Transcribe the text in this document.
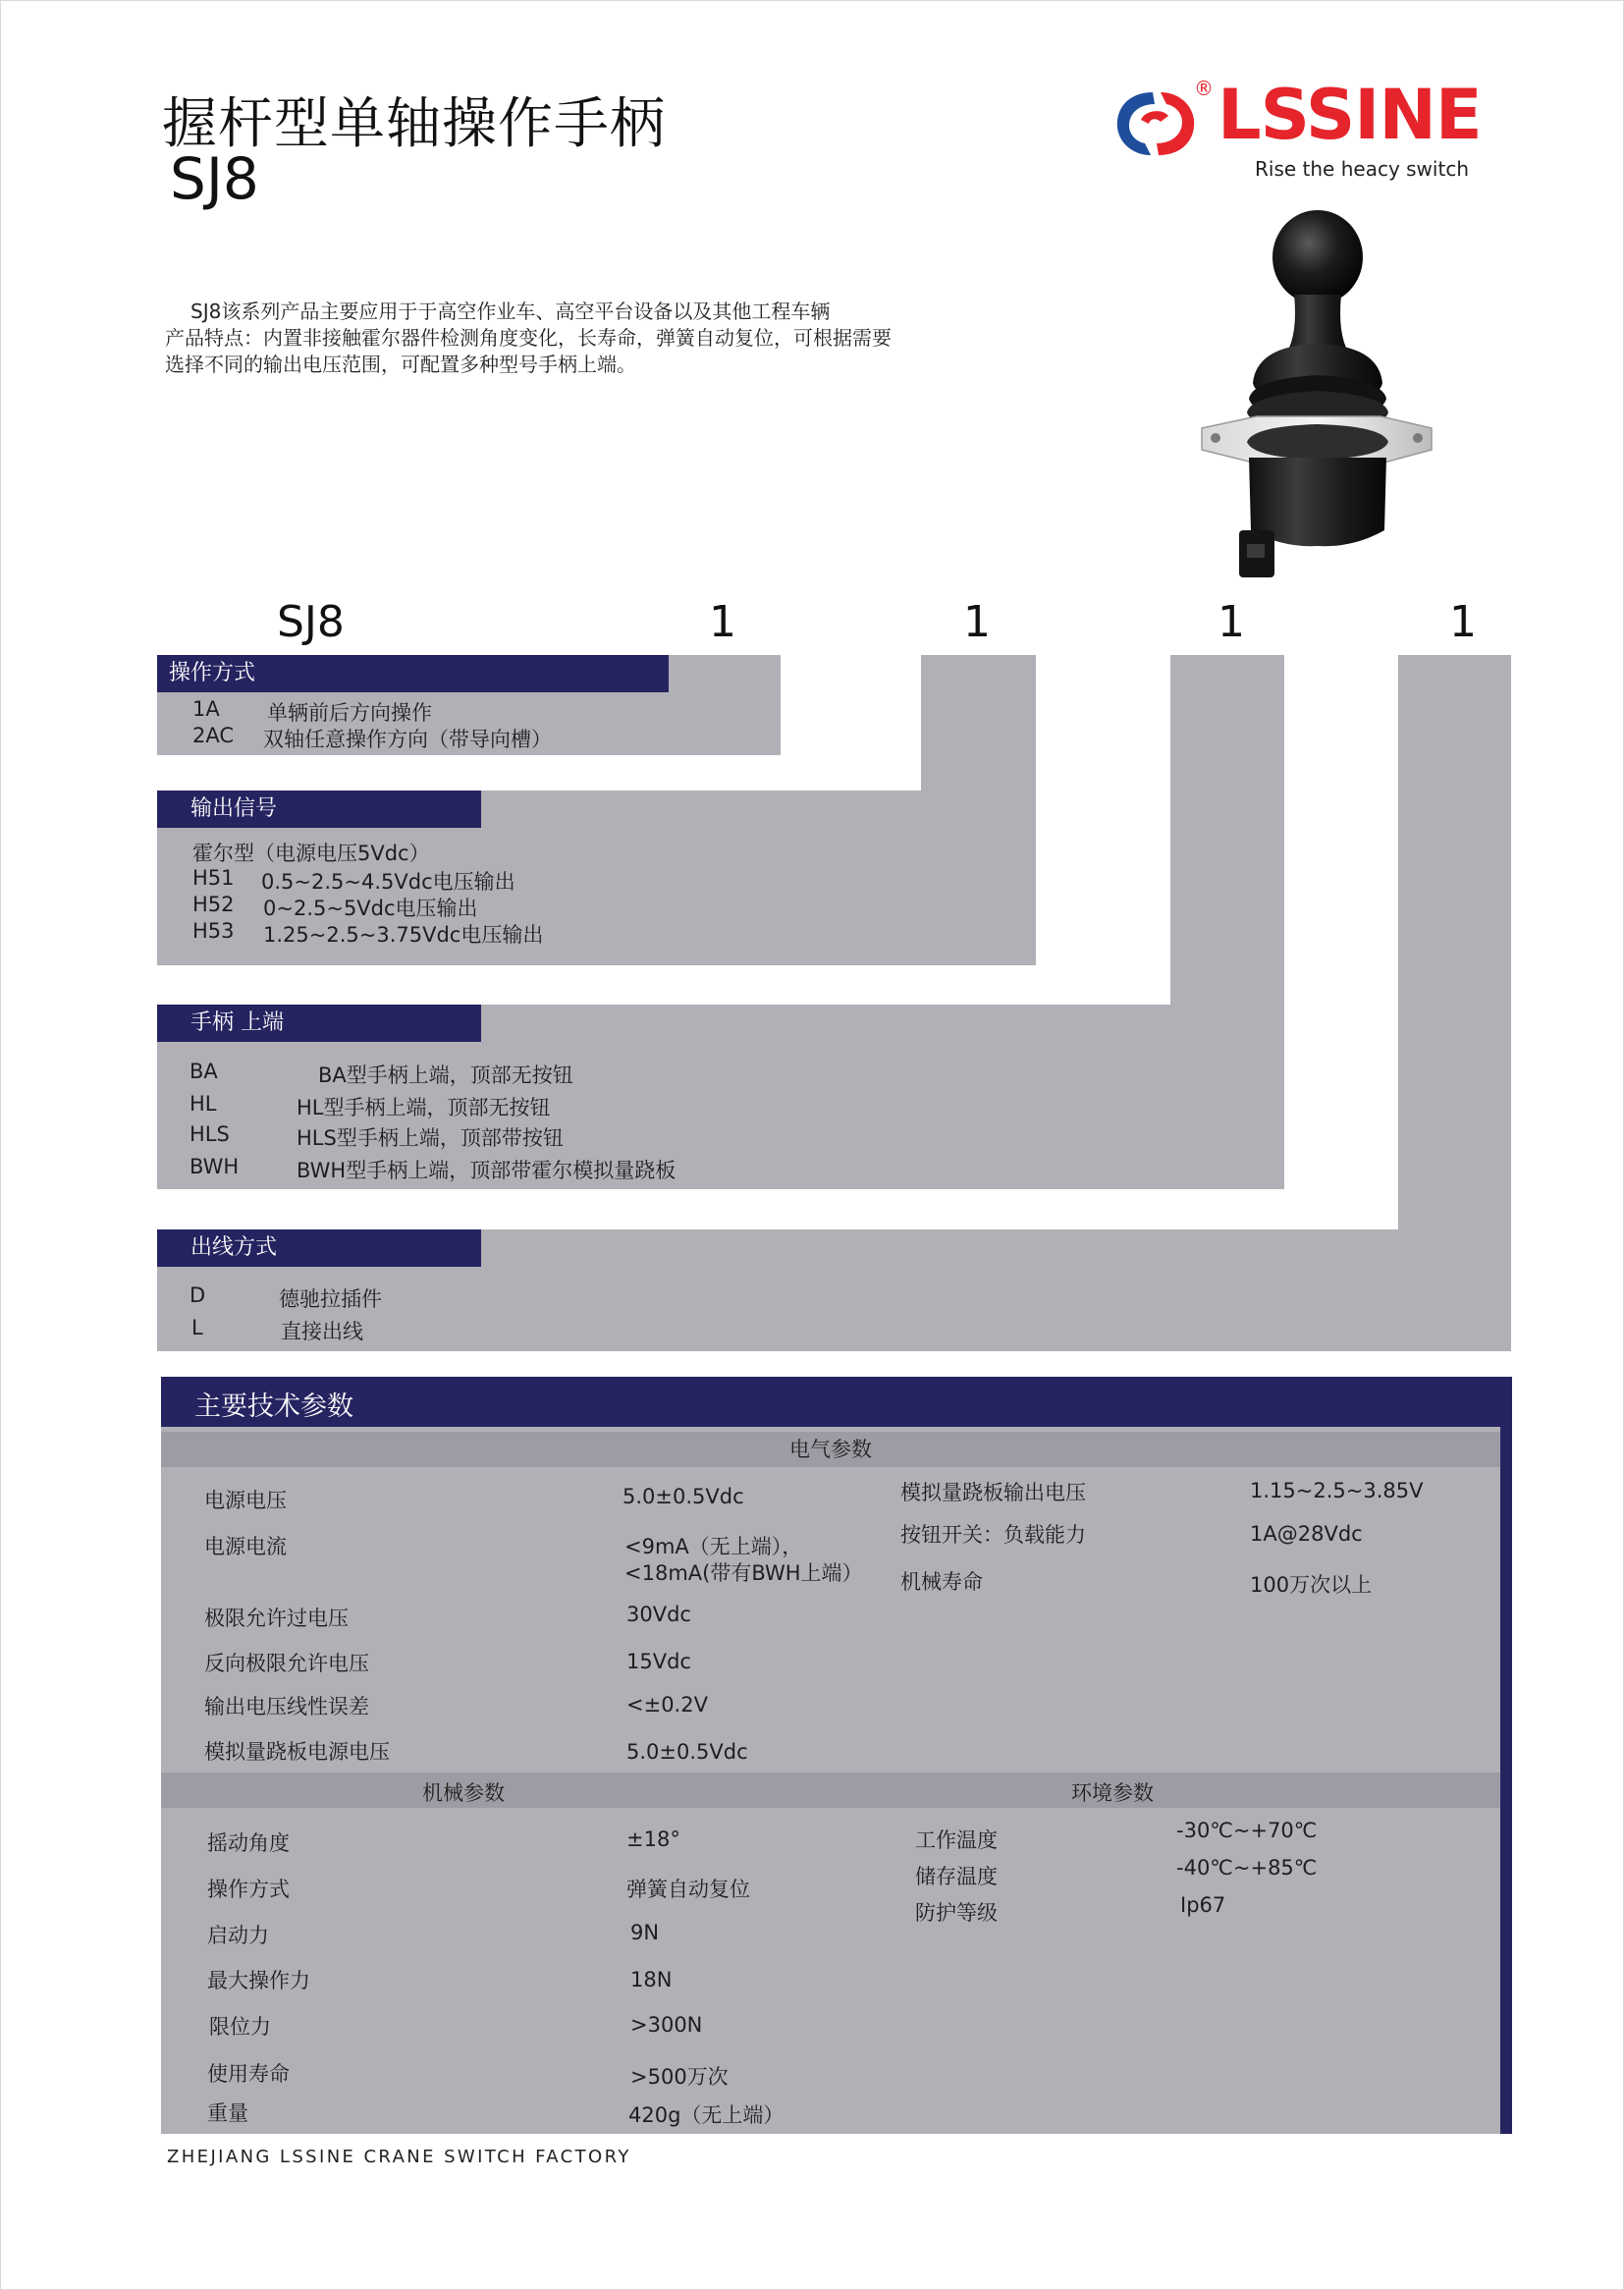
握杆型单轴操作手柄
SJ8
® LSSINE
Rise the heacy switch

SJ8该系列产品主要应用于于高空作业车、高空平台设备以及其他工程车辆

产品特点：内置非接触霍尔器件检测角度变化，长寿命，弹簧自动复位，可根据需要

选择不同的输出电压范围，可配置多种型号手柄上端。

SJ8	1	1	1	1
操作方式
1A 单辆前后方向操作
2AC 双轴任意操作方向（带导向槽）
输出信号
霍尔型（电源电压5Vdc）
H51 0.5~2.5~4.5Vdc电压输出
H52 0~2.5~5Vdc电压输出
H53 1.25~2.5~3.75Vdc电压输出
手柄 上端
BA	BA型手柄上端，顶部无按钮
HL	HL型手柄上端，顶部无按钮
HLS	HLS型手柄上端，顶部带按钮
BWH	BWH型手柄上端，顶部带霍尔模拟量跷板
出线方式
D	德驰拉插件
L	直接出线
主要技术参数
电气参数
电源电压	5.0±0.5Vdc
电源电流	<9mA（无上端），
<18mA(带有BWH上端）
极限允许过电压	30Vdc
反向极限允许电压	15Vdc
输出电压线性误差	<±0.2V
模拟量跷板电源电压	5.0±0.5Vdc
模拟量跷板输出电压	1.15~2.5~3.85V
按钮开关：负载能力	1A@28Vdc
机械寿命	100万次以上
机械参数	环境参数
摇动角度	±18°
操作方式	弹簧自动复位
启动力	9N
最大操作力	18N
限位力	>300N
使用寿命	>500万次
重量	420g（无上端）
工作温度	-30℃~+70℃
储存温度	-40℃~+85℃
防护等级	Ip67
ZHEJIANG LSSINE CRANE SWITCH FACTORY
